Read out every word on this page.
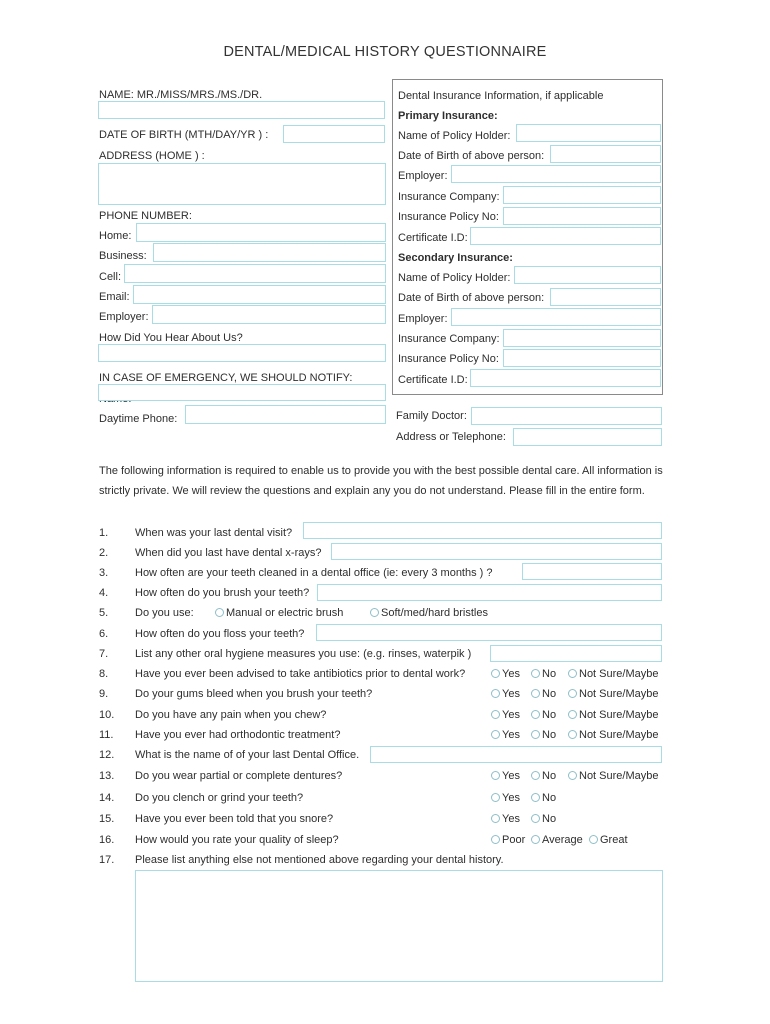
DENTAL/MEDICAL HISTORY QUESTIONNAIRE
NAME: MR./MISS/MRS./MS./DR.
DATE OF BIRTH (MTH/DAY/YR ) :
ADDRESS (HOME ) :
PHONE NUMBER:
Home:
Business:
Cell:
Email:
Employer:
How Did You Hear About Us?
IN CASE OF EMERGENCY, WE SHOULD NOTIFY:
Daytime Phone:
Dental Insurance Information, if applicable
Primary Insurance:
Name of Policy Holder:
Date of Birth of above person:
Employer:
Insurance Company:
Insurance Policy No:
Certificate I.D:
Secondary Insurance:
Name of Policy Holder:
Date of Birth of above person:
Employer:
Insurance Company:
Insurance Policy No:
Certificate I.D:
Family Doctor:
Address or Telephone:
The following information is required to enable us to provide you with the best possible dental care. All information is strictly private. We will review the questions and explain any you do not understand. Please fill in the entire form.
1. When was your last dental visit?
2. When did you last have dental x-rays?
3. How often are your teeth cleaned in a dental office (ie: every 3 months ) ?
4. How often do you brush your teeth?
5. Do you use:	Manual or electric brush	Soft/med/hard bristles
6. How often do you floss your teeth?
7. List any other oral hygiene measures you use: (e.g. rinses, waterpik )
8. Have you ever been advised to take antibiotics prior to dental work?	Yes	No	Not Sure/Maybe
9. Do your gums bleed when you brush your teeth?	Yes	No	Not Sure/Maybe
10. Do you have any pain when you chew?	Yes	No	Not Sure/Maybe
11. Have you ever had orthodontic treatment?	Yes	No	Not Sure/Maybe
12. What is the name of of your last Dental Office.
13. Do you wear partial or complete dentures?	Yes	No	Not Sure/Maybe
14. Do you clench or grind your teeth?	Yes	No
15. Have you ever been told that you snore?	Yes	No
16. How would you rate your quality of sleep?	Poor	Average	Great
17. Please list anything else not mentioned above regarding your dental history.
